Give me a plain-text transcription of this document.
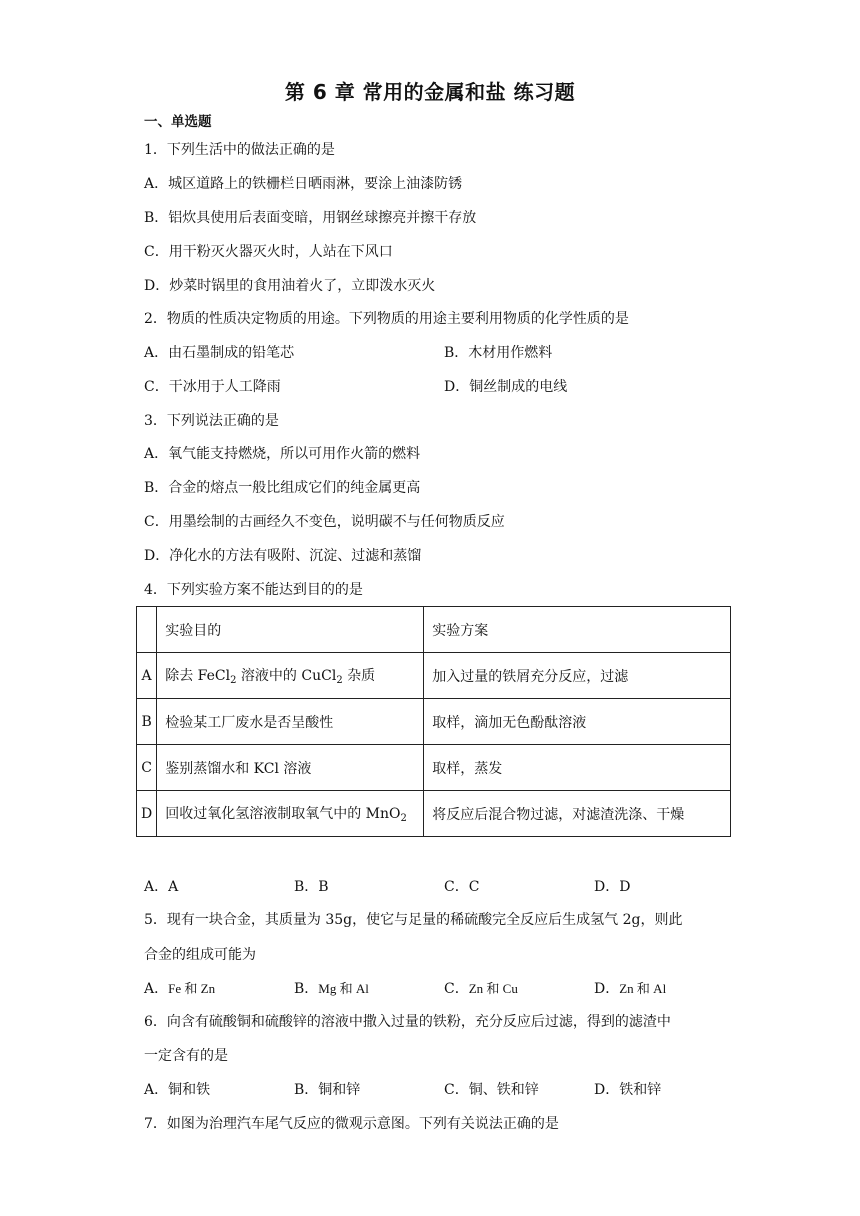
第 6 章 常用的金属和盐 练习题
一、单选题
1．下列生活中的做法正确的是
A．城区道路上的铁栅栏日晒雨淋，要涂上油漆防锈
B．铝炊具使用后表面变暗，用钢丝球擦亮并擦干存放
C．用干粉灭火器灭火时，人站在下风口
D．炒菜时锅里的食用油着火了，立即泼水灭火
2．物质的性质决定物质的用途。下列物质的用途主要利用物质的化学性质的是
A．由石墨制成的铅笔芯	B．木材用作燃料
C．干冰用于人工降雨	D．铜丝制成的电线
3．下列说法正确的是
A．氧气能支持燃烧，所以可用作火箭的燃料
B．合金的熔点一般比组成它们的纯金属更高
C．用墨绘制的古画经久不变色，说明碳不与任何物质反应
D．净化水的方法有吸附、沉淀、过滤和蒸馏
4．下列实验方案不能达到目的的是
	实验目的	实验方案
A	除去 FeCl$_2$ 溶液中的 CuCl$_2$ 杂质	加入过量的铁屑充分反应，过滤
B	检验某工厂废水是否呈酸性	取样，滴加无色酚酞溶液
C	鉴别蒸馏水和 KCl 溶液	取样，蒸发
D	回收过氧化氢溶液制取氧气中的 MnO$_2$	将反应后混合物过滤，对滤渣洗涤、干燥
A．A	B．B	C．C	D．D
5．现有一块合金，其质量为 35g，使它与足量的稀硫酸完全反应后生成氢气 2g，则此
合金的组成可能为
A．Fe 和 Zn	B．Mg 和 Al	C．Zn 和 Cu	D．Zn 和 Al
6．向含有硫酸铜和硫酸锌的溶液中撒入过量的铁粉，充分反应后过滤，得到的滤渣中
一定含有的是
A．铜和铁	B．铜和锌	C．铜、铁和锌	D．铁和锌
7．如图为治理汽车尾气反应的微观示意图。下列有关说法正确的是
